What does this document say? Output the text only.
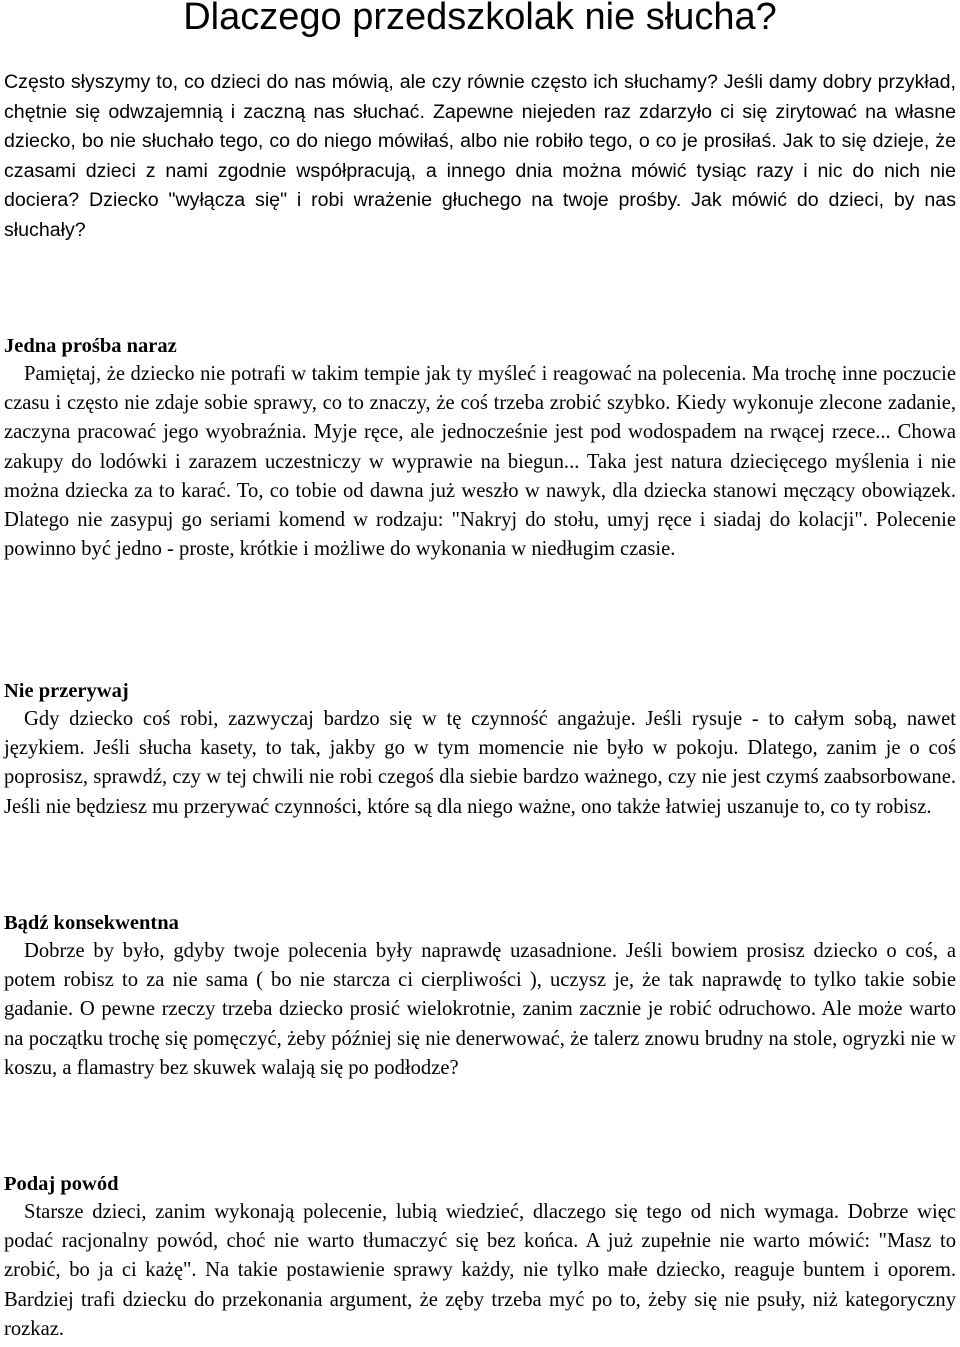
Dlaczego przedszkolak nie słucha?

Często słyszymy to, co dzieci do nas mówią, ale czy równie często ich słuchamy? Jeśli damy dobry przykład, chętnie się odwzajemnią i zaczną nas słuchać. Zapewne niejeden raz zdarzyło ci się zirytować na własne dziecko, bo nie słuchało tego, co do niego mówiłaś, albo nie robiło tego, o co je prosiłaś. Jak to się dzieje, że czasami dzieci z nami zgodnie współpracują, a innego dnia można mówić tysiąc razy i nic do nich nie dociera? Dziecko "wyłącza się" i robi wrażenie głuchego na twoje prośby. Jak mówić do dzieci, by nas słuchały?

Jedna prośba naraz

Pamiętaj, że dziecko nie potrafi w takim tempie jak ty myśleć i reagować na polecenia. Ma trochę inne poczucie czasu i często nie zdaje sobie sprawy, co to znaczy, że coś trzeba zrobić szybko. Kiedy wykonuje zlecone zadanie, zaczyna pracować jego wyobraźnia. Myje ręce, ale jednocześnie jest pod wodospadem na rwącej rzece... Chowa zakupy do lodówki i zarazem uczestniczy w wyprawie na biegun... Taka jest natura dziecięcego myślenia i nie można dziecka za to karać. To, co tobie od dawna już weszło w nawyk, dla dziecka stanowi męczący obowiązek. Dlatego nie zasypuj go seriami komend w rodzaju: "Nakryj do stołu, umyj ręce i siadaj do kolacji". Polecenie powinno być jedno - proste, krótkie i możliwe do wykonania w niedługim czasie.

Nie przerywaj

Gdy dziecko coś robi, zazwyczaj bardzo się w tę czynność angażuje. Jeśli rysuje - to całym sobą, nawet językiem. Jeśli słucha kasety, to tak, jakby go w tym momencie nie było w pokoju. Dlatego, zanim je o coś poprosisz, sprawdź, czy w tej chwili nie robi czegoś dla siebie bardzo ważnego, czy nie jest czymś zaabsorbowane. Jeśli nie będziesz mu przerywać czynności, które są dla niego ważne, ono także łatwiej uszanuje to, co ty robisz.

Bądź konsekwentna

Dobrze by było, gdyby twoje polecenia były naprawdę uzasadnione. Jeśli bowiem prosisz dziecko o coś, a potem robisz to za nie sama ( bo nie starcza ci cierpliwości ), uczysz je, że tak naprawdę to tylko takie sobie gadanie. O pewne rzeczy trzeba dziecko prosić wielokrotnie, zanim zacznie je robić odruchowo. Ale może warto na początku trochę się pomęczyć, żeby później się nie denerwować, że talerz znowu brudny na stole, ogryzki nie w koszu, a flamastry bez skuwek walają się po podłodze?

Podaj powód

Starsze dzieci, zanim wykonają polecenie, lubią wiedzieć, dlaczego się tego od nich wymaga. Dobrze więc podać racjonalny powód, choć nie warto tłumaczyć się bez końca. A już zupełnie nie warto mówić: "Masz to zrobić, bo ja ci każę". Na takie postawienie sprawy każdy, nie tylko małe dziecko, reaguje buntem i oporem. Bardziej trafi dziecku do przekonania argument, że zęby trzeba myć po to, żeby się nie psuły, niż kategoryczny rozkaz.
